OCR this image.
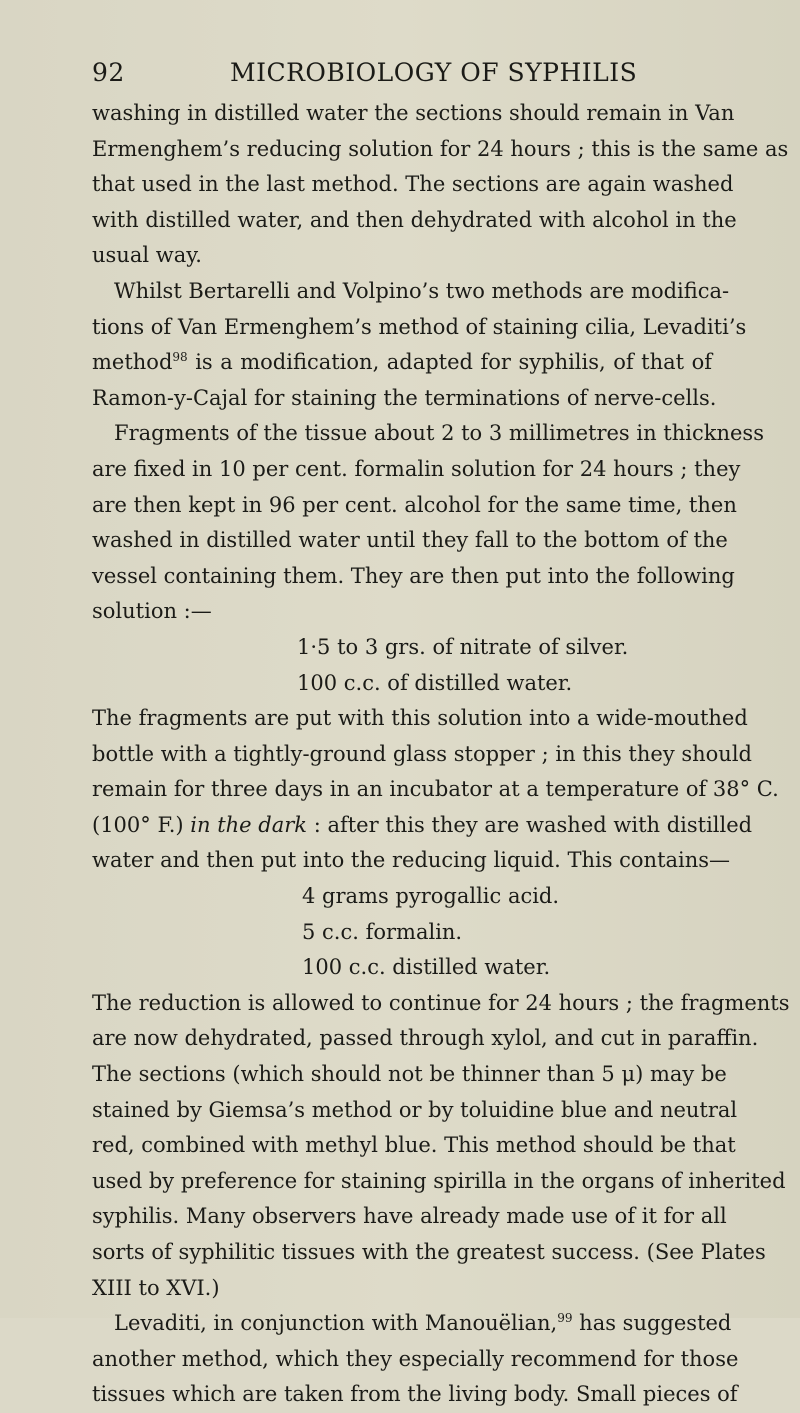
92	MICROBIOLOGY OF SYPHILIS
washing in distilled water the sections should remain in Van
Ermenghem’s reducing solution for 24 hours ; this is the same as
that used in the last method. The sections are again washed
with distilled water, and then dehydrated with alcohol in the
usual way.
Whilst Bertarelli and Volpino’s two methods are modifica-
tions of Van Ermenghem’s method of staining cilia, Levaditi’s
method$^{98}$ is a modification, adapted for syphilis, of that of
Ramon-y-Cajal for staining the terminations of nerve-cells.
Fragments of the tissue about 2 to 3 millimetres in thickness
are fixed in 10 per cent. formalin solution for 24 hours ; they
are then kept in 96 per cent. alcohol for the same time, then
washed in distilled water until they fall to the bottom of the
vessel containing them. They are then put into the following
solution :—
1·5 to 3 grs. of nitrate of silver.
100 c.c. of distilled water.
The fragments are put with this solution into a wide-mouthed
bottle with a tightly-ground glass stopper ; in this they should
remain for three days in an incubator at a temperature of 38° C.
(100° F.) in the dark : after this they are washed with distilled
water and then put into the reducing liquid. This contains—
4 grams pyrogallic acid.
5 c.c. formalin.
100 c.c. distilled water.
The reduction is allowed to continue for 24 hours ; the fragments
are now dehydrated, passed through xylol, and cut in paraffin.
The sections (which should not be thinner than 5 μ) may be
stained by Giemsa’s method or by toluidine blue and neutral
red, combined with methyl blue. This method should be that
used by preference for staining spirilla in the organs of inherited
syphilis. Many observers have already made use of it for all
sorts of syphilitic tissues with the greatest success. (See Plates
XIII to XVI.)
Levaditi, in conjunction with Manouëlian,$^{99}$ has suggested
another method, which they especially recommend for those
tissues which are taken from the living body. Small pieces of
